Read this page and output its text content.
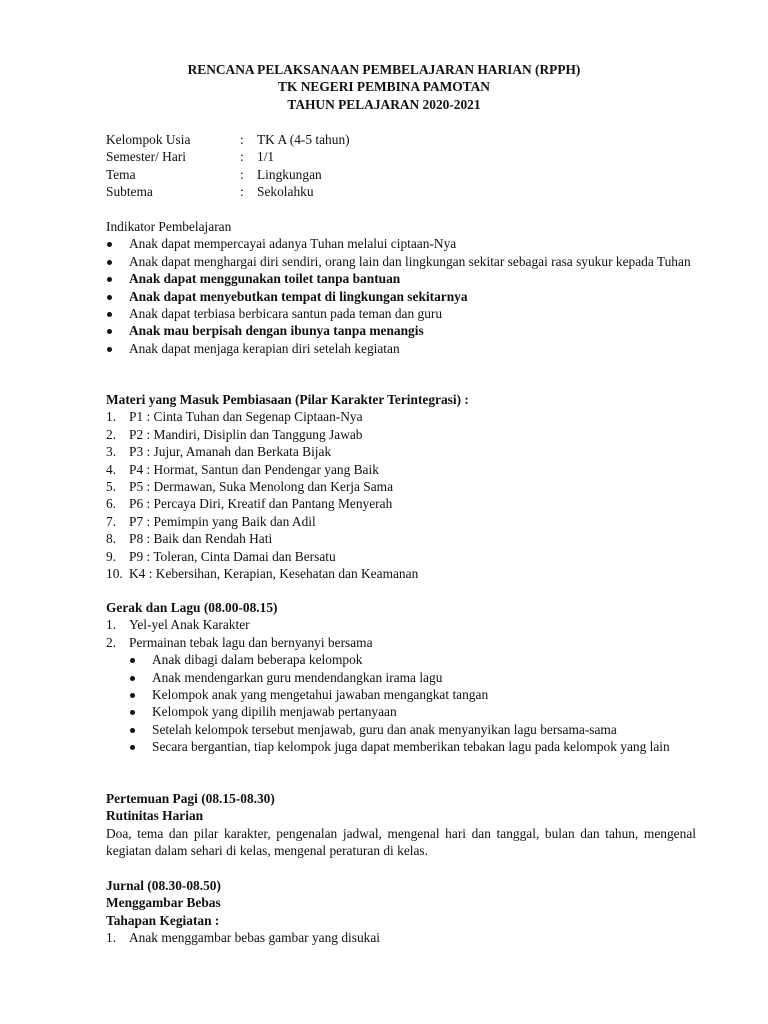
RENCANA PELAKSANAAN PEMBELAJARAN HARIAN (RPPH)
TK NEGERI PEMBINA PAMOTAN
TAHUN PELAJARAN 2020-2021
Kelompok Usia	: TK A (4-5 tahun)
Semester/ Hari	: 1/1
Tema	: Lingkungan
Subtema	: Sekolahku
Indikator Pembelajaran
Anak dapat mempercayai adanya Tuhan melalui ciptaan-Nya
Anak dapat menghargai diri sendiri, orang lain dan lingkungan sekitar sebagai rasa syukur kepada Tuhan
Anak dapat menggunakan toilet tanpa bantuan
Anak dapat menyebutkan tempat di lingkungan sekitarnya
Anak dapat terbiasa berbicara santun pada teman dan guru
Anak mau berpisah dengan ibunya tanpa menangis
Anak dapat menjaga kerapian diri setelah kegiatan
Materi yang Masuk Pembiasaan (Pilar Karakter Terintegrasi) :
1. P1 : Cinta Tuhan dan Segenap Ciptaan-Nya
2. P2 : Mandiri, Disiplin dan Tanggung Jawab
3. P3 : Jujur, Amanah dan Berkata Bijak
4. P4 : Hormat, Santun dan Pendengar yang Baik
5. P5 : Dermawan, Suka Menolong dan Kerja Sama
6. P6 : Percaya Diri, Kreatif dan Pantang Menyerah
7. P7 : Pemimpin yang Baik dan Adil
8. P8 : Baik dan Rendah Hati
9. P9 : Toleran, Cinta Damai dan Bersatu
10. K4 : Kebersihan, Kerapian, Kesehatan dan Keamanan
Gerak dan Lagu (08.00-08.15)
1. Yel-yel Anak Karakter
2. Permainan tebak lagu dan bernyanyi bersama
Anak dibagi dalam beberapa kelompok
Anak mendengarkan guru mendendangkan irama lagu
Kelompok anak yang mengetahui jawaban mengangkat tangan
Kelompok yang dipilih menjawab pertanyaan
Setelah kelompok tersebut menjawab, guru dan anak menyanyikan lagu bersama-sama
Secara bergantian, tiap kelompok juga dapat memberikan tebakan lagu pada kelompok yang lain
Pertemuan Pagi (08.15-08.30)
Rutinitas Harian
Doa, tema dan pilar karakter, pengenalan jadwal, mengenal hari dan tanggal, bulan dan tahun, mengenal kegiatan dalam sehari di kelas, mengenal peraturan di kelas.
Jurnal (08.30-08.50)
Menggambar Bebas
Tahapan Kegiatan :
1. Anak menggambar bebas gambar yang disukai
